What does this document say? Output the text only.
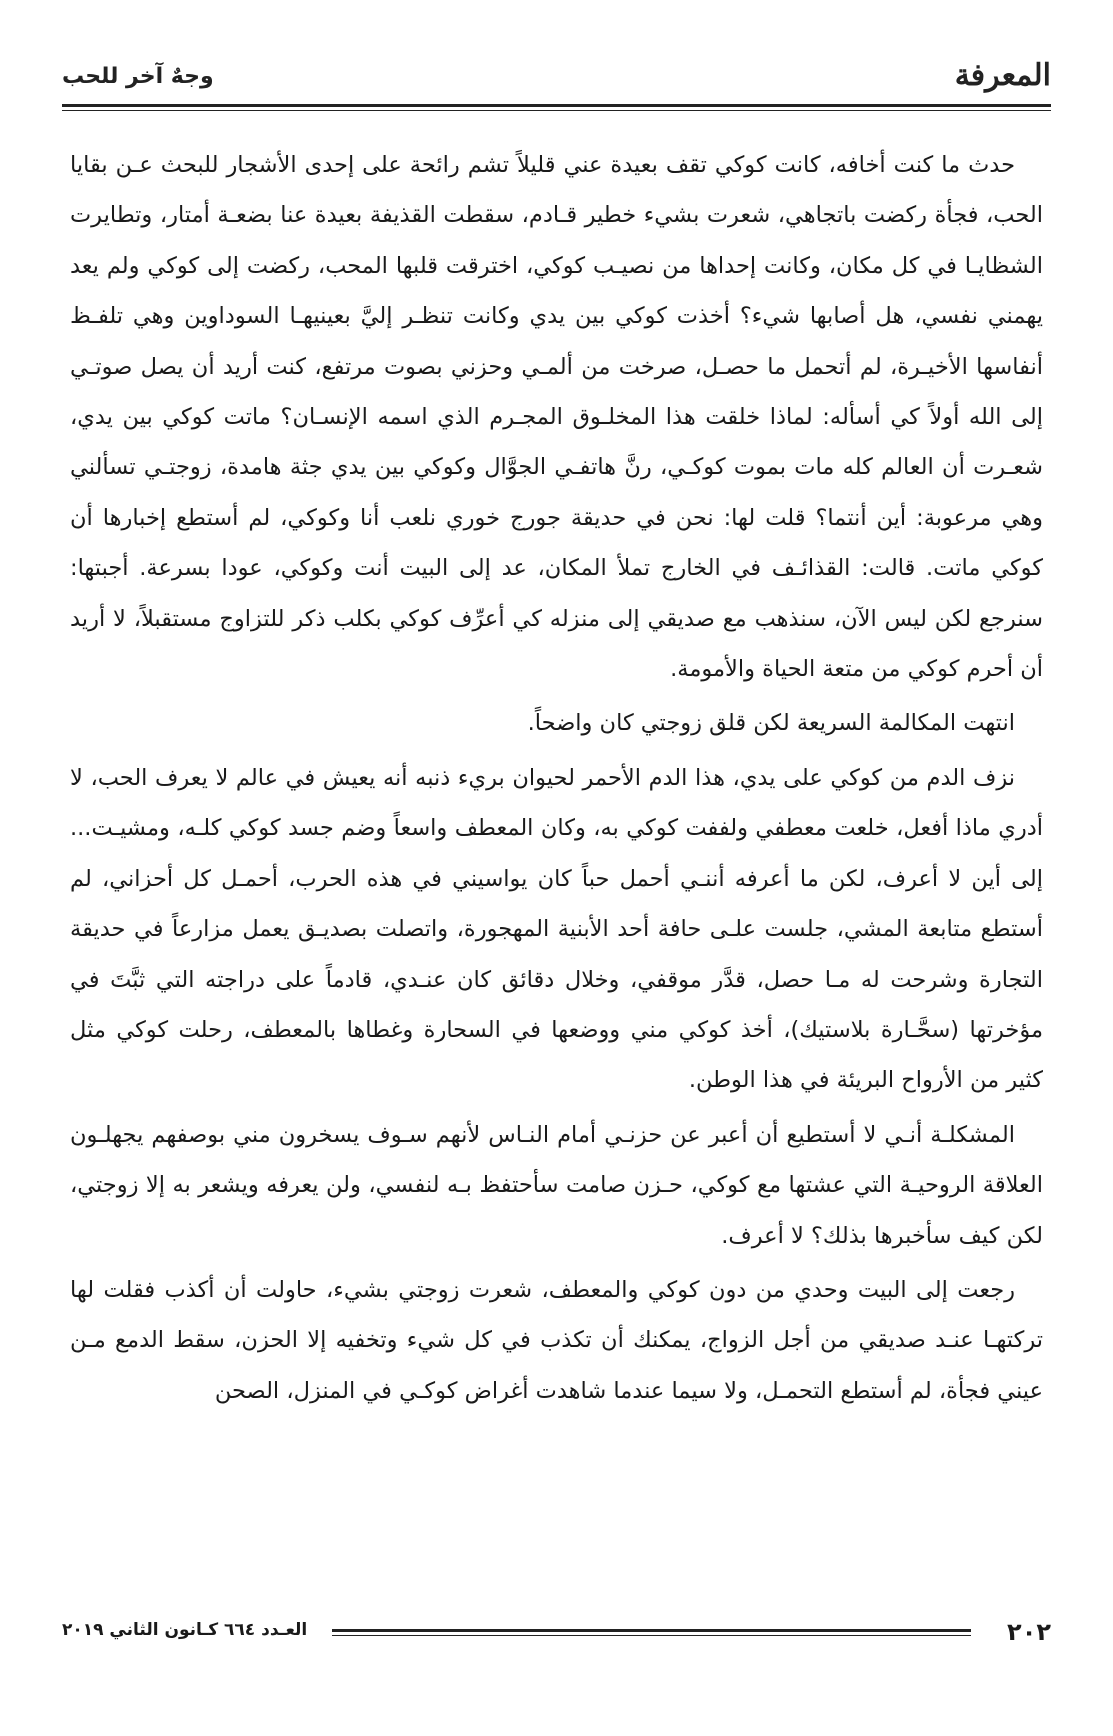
المعرفة
وجهٌ آخر للحب

حدث ما كنت أخافه، كانت كوكي تقف بعيدة عني قليلاً تشم رائحة على إحدى الأشجار للبحث عـن بقايا الحب، فجأة ركضت باتجاهي، شعرت بشيء خطير قـادم، سقطت القذيفة بعيدة عنا بضعـة أمتار، وتطايرت الشظايـا في كل مكان، وكانت إحداها من نصيـب كوكي، اخترقت قلبها المحب، ركضت إلى كوكي ولم يعد يهمني نفسي، هل أصابها شيء؟ أخذت كوكي بين يدي وكانت تنظـر إليَّ بعينيهـا السوداوين وهي تلفـظ أنفاسها الأخيـرة، لم أتحمل ما حصـل، صرخت من ألمـي وحزني بصوت مرتفع، كنت أريد أن يصل صوتـي إلى الله أولاً كي أسأله: لماذا خلقت هذا المخلـوق المجـرم الذي اسمه الإنسـان؟ ماتت كوكي بين يدي، شعـرت أن العالم كله مات بموت كوكـي، رنَّ هاتفـي الجوَّال وكوكي بين يدي جثة هامدة، زوجتـي تسألني وهي مرعوبة: أين أنتما؟ قلت لها: نحن في حديقة جورج خوري نلعب أنا وكوكي، لم أستطع إخبارها أن كوكي ماتت. قالت: القذائـف في الخارج تملأ المكان، عد إلى البيت أنت وكوكي، عودا بسرعة. أجبتها: سنرجع لكن ليس الآن، سنذهب مع صديقي إلى منزله كي أعرِّف كوكي بكلب ذكر للتزاوج مستقبلاً، لا أريد أن أحرم كوكي من متعة الحياة والأمومة.

انتهت المكالمة السريعة لكن قلق زوجتي كان واضحاً.

نزف الدم من كوكي على يدي، هذا الدم الأحمر لحيوان بريء ذنبه أنه يعيش في عالم لا يعرف الحب، لا أدري ماذا أفعل، خلعت معطفي ولففت كوكي به، وكان المعطف واسعاً وضم جسد كوكي كلـه، ومشيـت... إلى أين لا أعرف، لكن ما أعرفه أننـي أحمل حباً كان يواسيني في هذه الحرب، أحمـل كل أحزاني، لم أستطع متابعة المشي، جلست علـى حافة أحد الأبنية المهجورة، واتصلت بصديـق يعمل مزارعاً في حديقة التجارة وشرحت له مـا حصل، قدَّر موقفي، وخلال دقائق كان عنـدي، قادماً على دراجته التي ثبَّتَ في مؤخرتها (سحَّـارة بلاستيك)، أخذ كوكي مني ووضعها في السحارة وغطاها بالمعطف، رحلت كوكي مثل كثير من الأرواح البريئة في هذا الوطن.

المشكلـة أنـي لا أستطيع أن أعبر عن حزنـي أمام النـاس لأنهم سـوف يسخرون مني بوصفهم يجهلـون العلاقة الروحيـة التي عشتها مع كوكي، حـزن صامت سأحتفظ بـه لنفسي، ولن يعرفه ويشعر به إلا زوجتي، لكن كيف سأخبرها بذلك؟ لا أعرف.

رجعت إلى البيت وحدي من دون كوكي والمعطف، شعرت زوجتي بشيء، حاولت أن أكذب فقلت لها تركتهـا عنـد صديقي من أجل الزواج، يمكنك أن تكذب في كل شيء وتخفيه إلا الحزن، سقط الدمع مـن عيني فجأة، لم أستطع التحمـل، ولا سيما عندما شاهدت أغراض كوكـي في المنزل، الصحن

٢٠٢
العـدد ٦٦٤ كـانون الثاني ٢٠١٩
